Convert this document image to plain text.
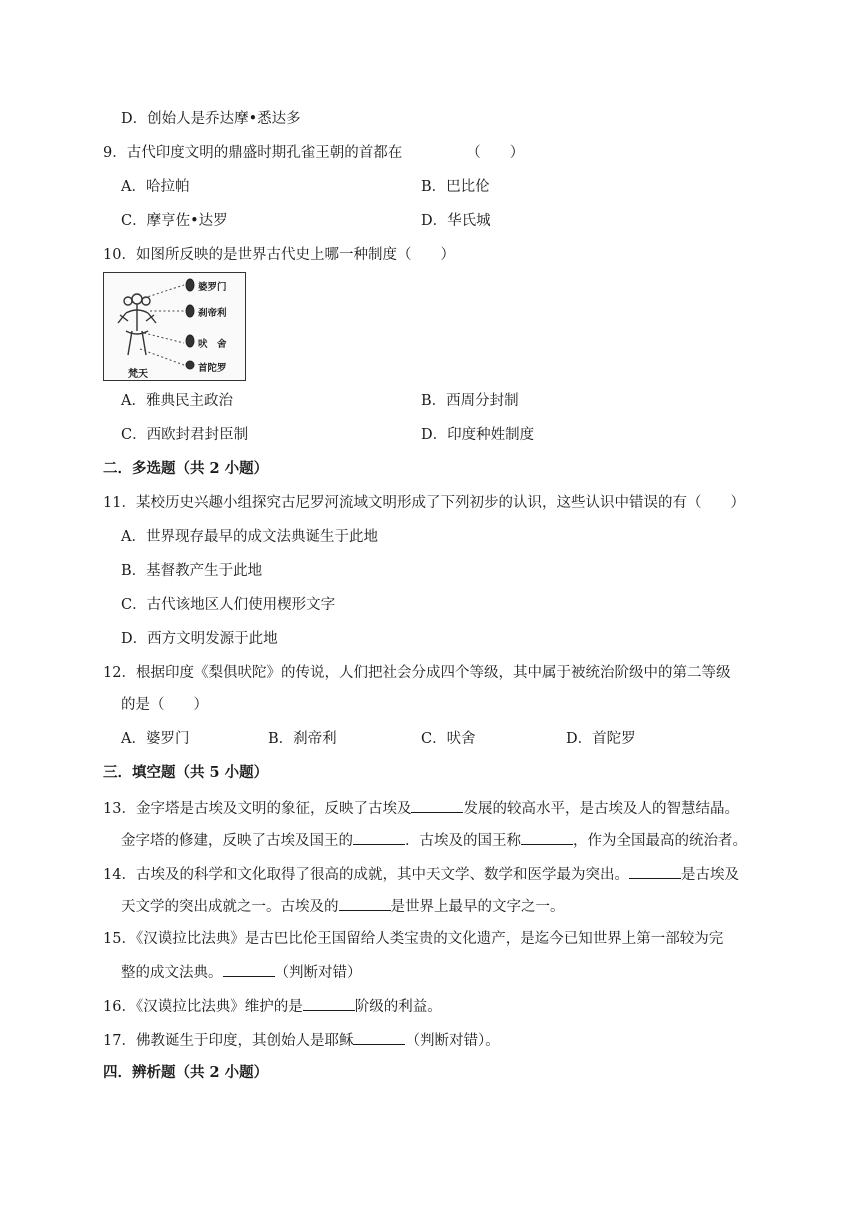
D．创始人是乔达摩•悉达多
9．古代印度文明的鼎盛时期孔雀王朝的首都在	（　　）
A．哈拉帕	B．巴比伦
C．摩亨佐•达罗	D．华氏城
10．如图所反映的是世界古代史上哪一种制度（　　）
婆罗门
刹帝利
吠　舍
首陀罗
梵天
A．雅典民主政治	B．西周分封制
C．西欧封君封臣制	D．印度种姓制度
二．多选题（共 2 小题）
11．某校历史兴趣小组探究古尼罗河流域文明形成了下列初步的认识，这些认识中错误的有（　　）
A．世界现存最早的成文法典诞生于此地
B．基督教产生于此地
C．古代该地区人们使用楔形文字
D．西方文明发源于此地
12．根据印度《梨俱吠陀》的传说，人们把社会分成四个等级，其中属于被统治阶级中的第二等级
的是（　　）
A．婆罗门	B．刹帝利	C．吠舍	D．首陀罗
三．填空题（共 5 小题）
13．金字塔是古埃及文明的象征，反映了古埃及	发展的较高水平，是古埃及人的智慧结晶。
金字塔的修建，反映了古埃及国王的	．古埃及的国王称	，作为全国最高的统治者。
14．古埃及的科学和文化取得了很高的成就，其中天文学、数学和医学最为突出。	是古埃及
天文学的突出成就之一。古埃及的	是世界上最早的文字之一。
15．《汉谟拉比法典》是古巴比伦王国留给人类宝贵的文化遗产，是迄今已知世界上第一部较为完
整的成文法典。	（判断对错）
16．《汉谟拉比法典》维护的是	阶级的利益。
17．佛教诞生于印度，其创始人是耶稣	（判断对错）。
四．辨析题（共 2 小题）
